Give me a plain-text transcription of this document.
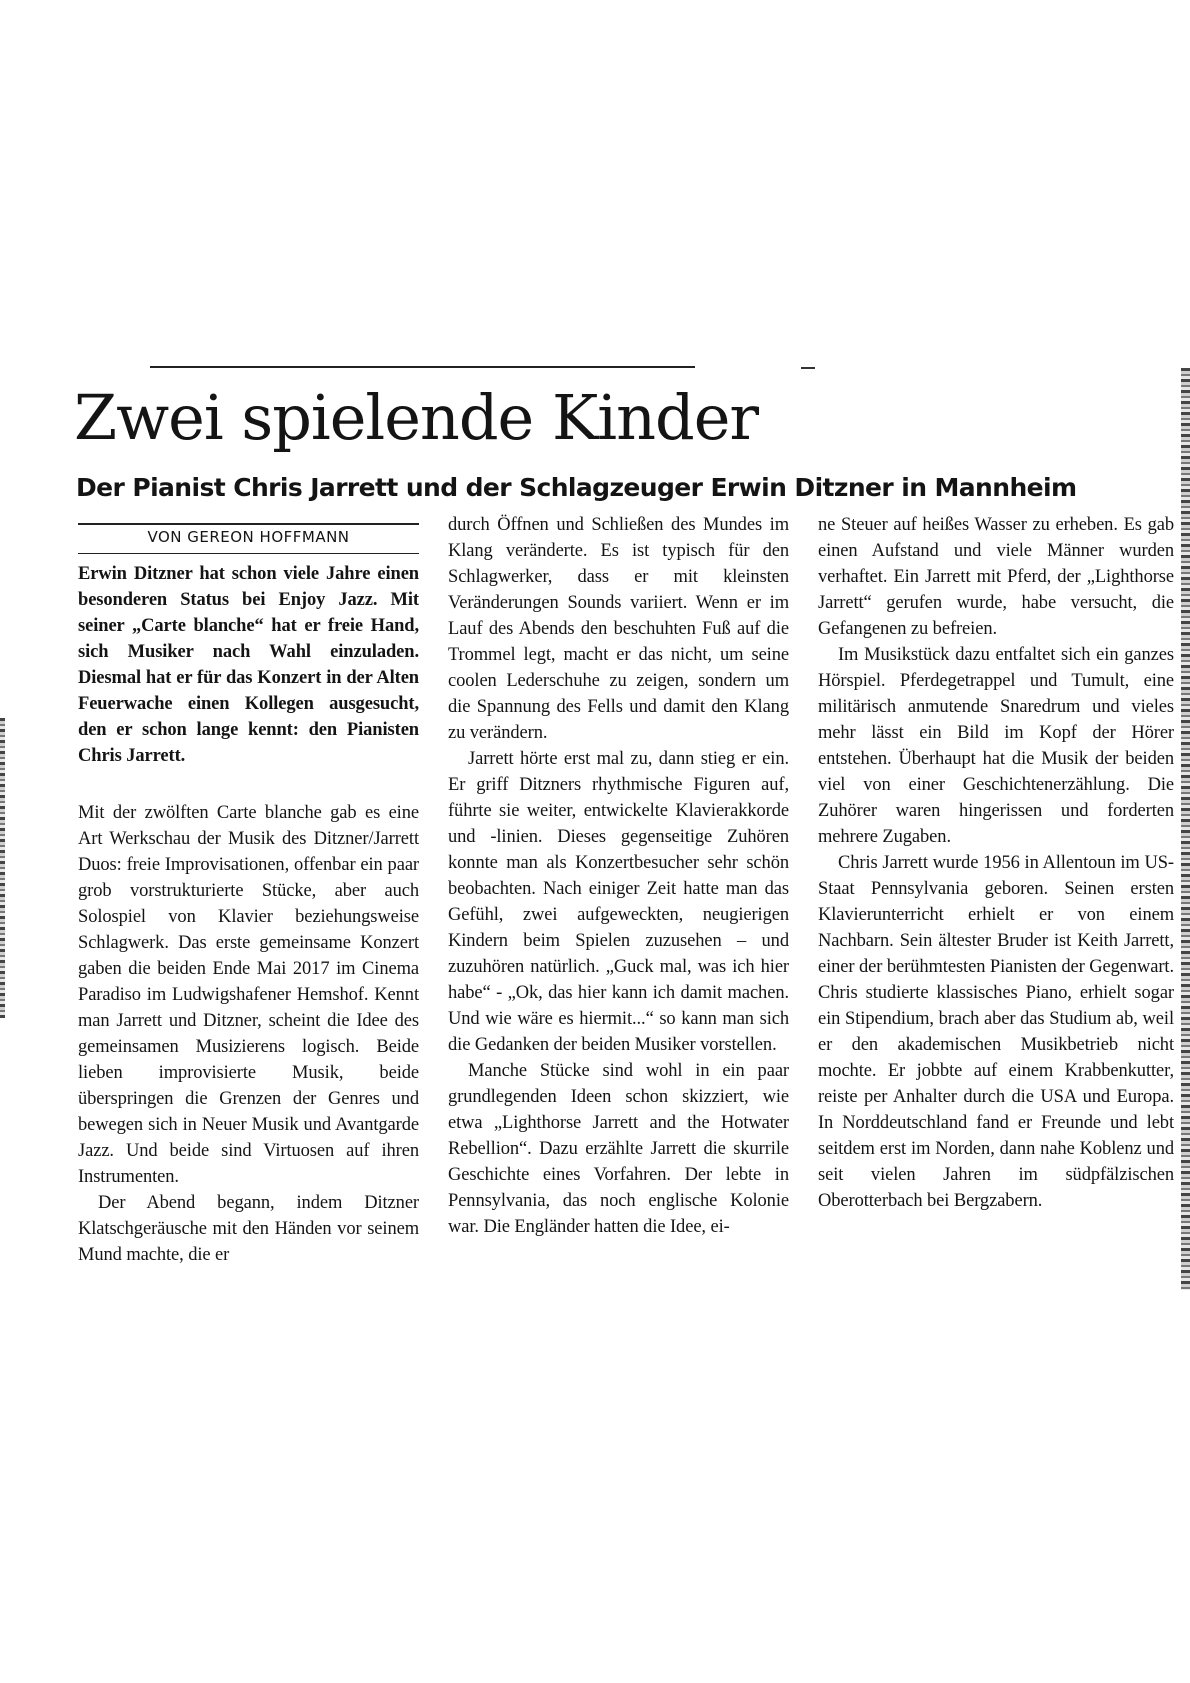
Zwei spielende Kinder
Der Pianist Chris Jarrett und der Schlagzeuger Erwin Ditzner in Mannheim
VON GEREON HOFFMANN

Erwin Ditzner hat schon viele Jahre einen besonderen Status bei Enjoy Jazz. Mit seiner „Carte blanche“ hat er freie Hand, sich Musiker nach Wahl einzuladen. Diesmal hat er für das Konzert in der Alten Feuerwache einen Kollegen ausgesucht, den er schon lange kennt: den Pianisten Chris Jarrett.

Mit der zwölften Carte blanche gab es eine Art Werkschau der Musik des Ditzner/Jarrett Duos: freie Improvisationen, offenbar ein paar grob vorstrukturierte Stücke, aber auch Solospiel von Klavier beziehungsweise Schlagwerk. Das erste gemeinsame Konzert gaben die beiden Ende Mai 2017 im Cinema Paradiso im Ludwigshafener Hemshof. Kennt man Jarrett und Ditzner, scheint die Idee des gemeinsamen Musizierens logisch. Beide lieben improvisierte Musik, beide überspringen die Grenzen der Genres und bewegen sich in Neuer Musik und Avantgarde Jazz. Und beide sind Virtuosen auf ihren Instrumenten.

Der Abend begann, indem Ditzner Klatschgeräusche mit den Händen vor seinem Mund machte, die er

durch Öffnen und Schließen des Mundes im Klang veränderte. Es ist typisch für den Schlagwerker, dass er mit kleinsten Veränderungen Sounds variiert. Wenn er im Lauf des Abends den beschuhten Fuß auf die Trommel legt, macht er das nicht, um seine coolen Lederschuhe zu zeigen, sondern um die Spannung des Fells und damit den Klang zu verändern.

Jarrett hörte erst mal zu, dann stieg er ein. Er griff Ditzners rhythmische Figuren auf, führte sie weiter, entwickelte Klavierakkorde und -linien. Dieses gegenseitige Zuhören konnte man als Konzertbesucher sehr schön beobachten. Nach einiger Zeit hatte man das Gefühl, zwei aufgeweckten, neugierigen Kindern beim Spielen zuzusehen – und zuzuhören natürlich. „Guck mal, was ich hier habe“ - „Ok, das hier kann ich damit machen. Und wie wäre es hiermit...“ so kann man sich die Gedanken der beiden Musiker vorstellen.

Manche Stücke sind wohl in ein paar grundlegenden Ideen schon skizziert, wie etwa „Lighthorse Jarrett and the Hotwater Rebellion“. Dazu erzählte Jarrett die skurrile Geschichte eines Vorfahren. Der lebte in Pennsylvania, das noch englische Kolonie war. Die Engländer hatten die Idee, ei-

ne Steuer auf heißes Wasser zu erheben. Es gab einen Aufstand und viele Männer wurden verhaftet. Ein Jarrett mit Pferd, der „Lighthorse Jarrett“ gerufen wurde, habe versucht, die Gefangenen zu befreien.

Im Musikstück dazu entfaltet sich ein ganzes Hörspiel. Pferdegetrappel und Tumult, eine militärisch anmutende Snaredrum und vieles mehr lässt ein Bild im Kopf der Hörer entstehen. Überhaupt hat die Musik der beiden viel von einer Geschichtenerzählung. Die Zuhörer waren hingerissen und forderten mehrere Zugaben.

Chris Jarrett wurde 1956 in Allentoun im US-Staat Pennsylvania geboren. Seinen ersten Klavierunterricht erhielt er von einem Nachbarn. Sein ältester Bruder ist Keith Jarrett, einer der berühmtesten Pianisten der Gegenwart. Chris studierte klassisches Piano, erhielt sogar ein Stipendium, brach aber das Studium ab, weil er den akademischen Musikbetrieb nicht mochte. Er jobbte auf einem Krabbenkutter, reiste per Anhalter durch die USA und Europa. In Norddeutschland fand er Freunde und lebt seitdem erst im Norden, dann nahe Koblenz und seit vielen Jahren im südpfälzischen Oberotterbach bei Bergzabern.
